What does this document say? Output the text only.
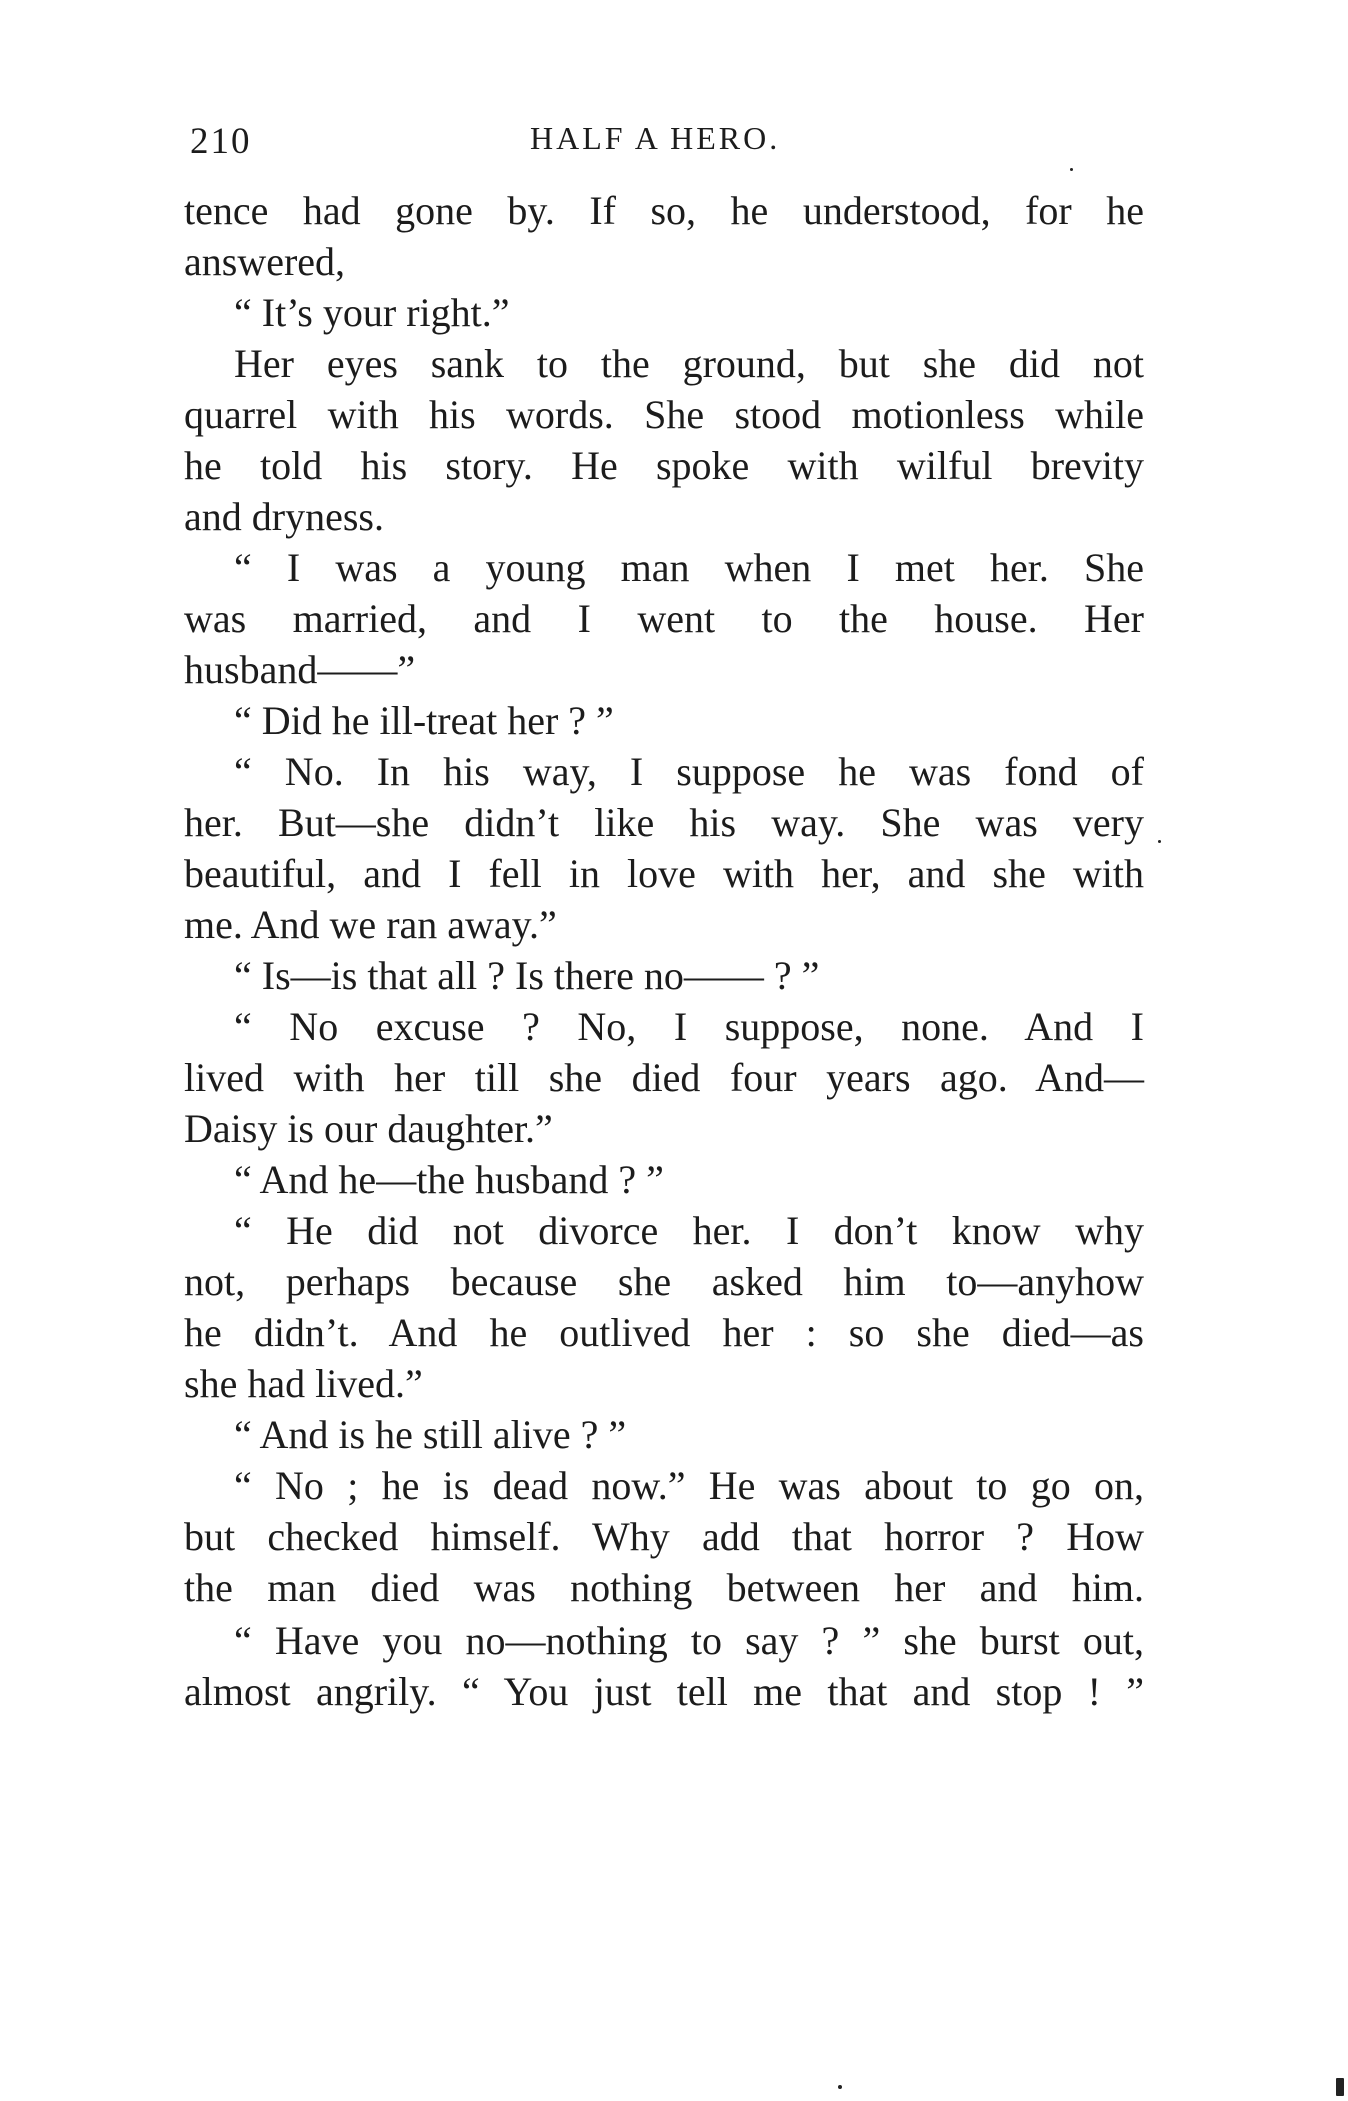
210	HALF A HERO.
tence had gone by. If so, he understood, for he
answered,
“ It’s your right.”
Her eyes sank to the ground, but she did not
quarrel with his words. She stood motionless while
he told his story. He spoke with wilful brevity
and dryness.
“ I was a young man when I met her. She
was married, and I went to the house. Her
husband——”
“ Did he ill-treat her ? ”
“ No. In his way, I suppose he was fond of
her. But—she didn’t like his way. She was very
beautiful, and I fell in love with her, and she with
me. And we ran away.”
“ Is—is that all ? Is there no—— ? ”
“ No excuse ? No, I suppose, none. And I
lived with her till she died four years ago. And—
Daisy is our daughter.”
“ And he—the husband ? ”
“ He did not divorce her. I don’t know why
not, perhaps because she asked him to—anyhow
he didn’t. And he outlived her : so she died—as
she had lived.”
“ And is he still alive ? ”
“ No ; he is dead now.” He was about to go on,
but checked himself. Why add that horror ? How
the man died was nothing between her and him.
“ Have you no—nothing to say ? ” she burst out,
almost angrily. “ You just tell me that and stop ! ”
